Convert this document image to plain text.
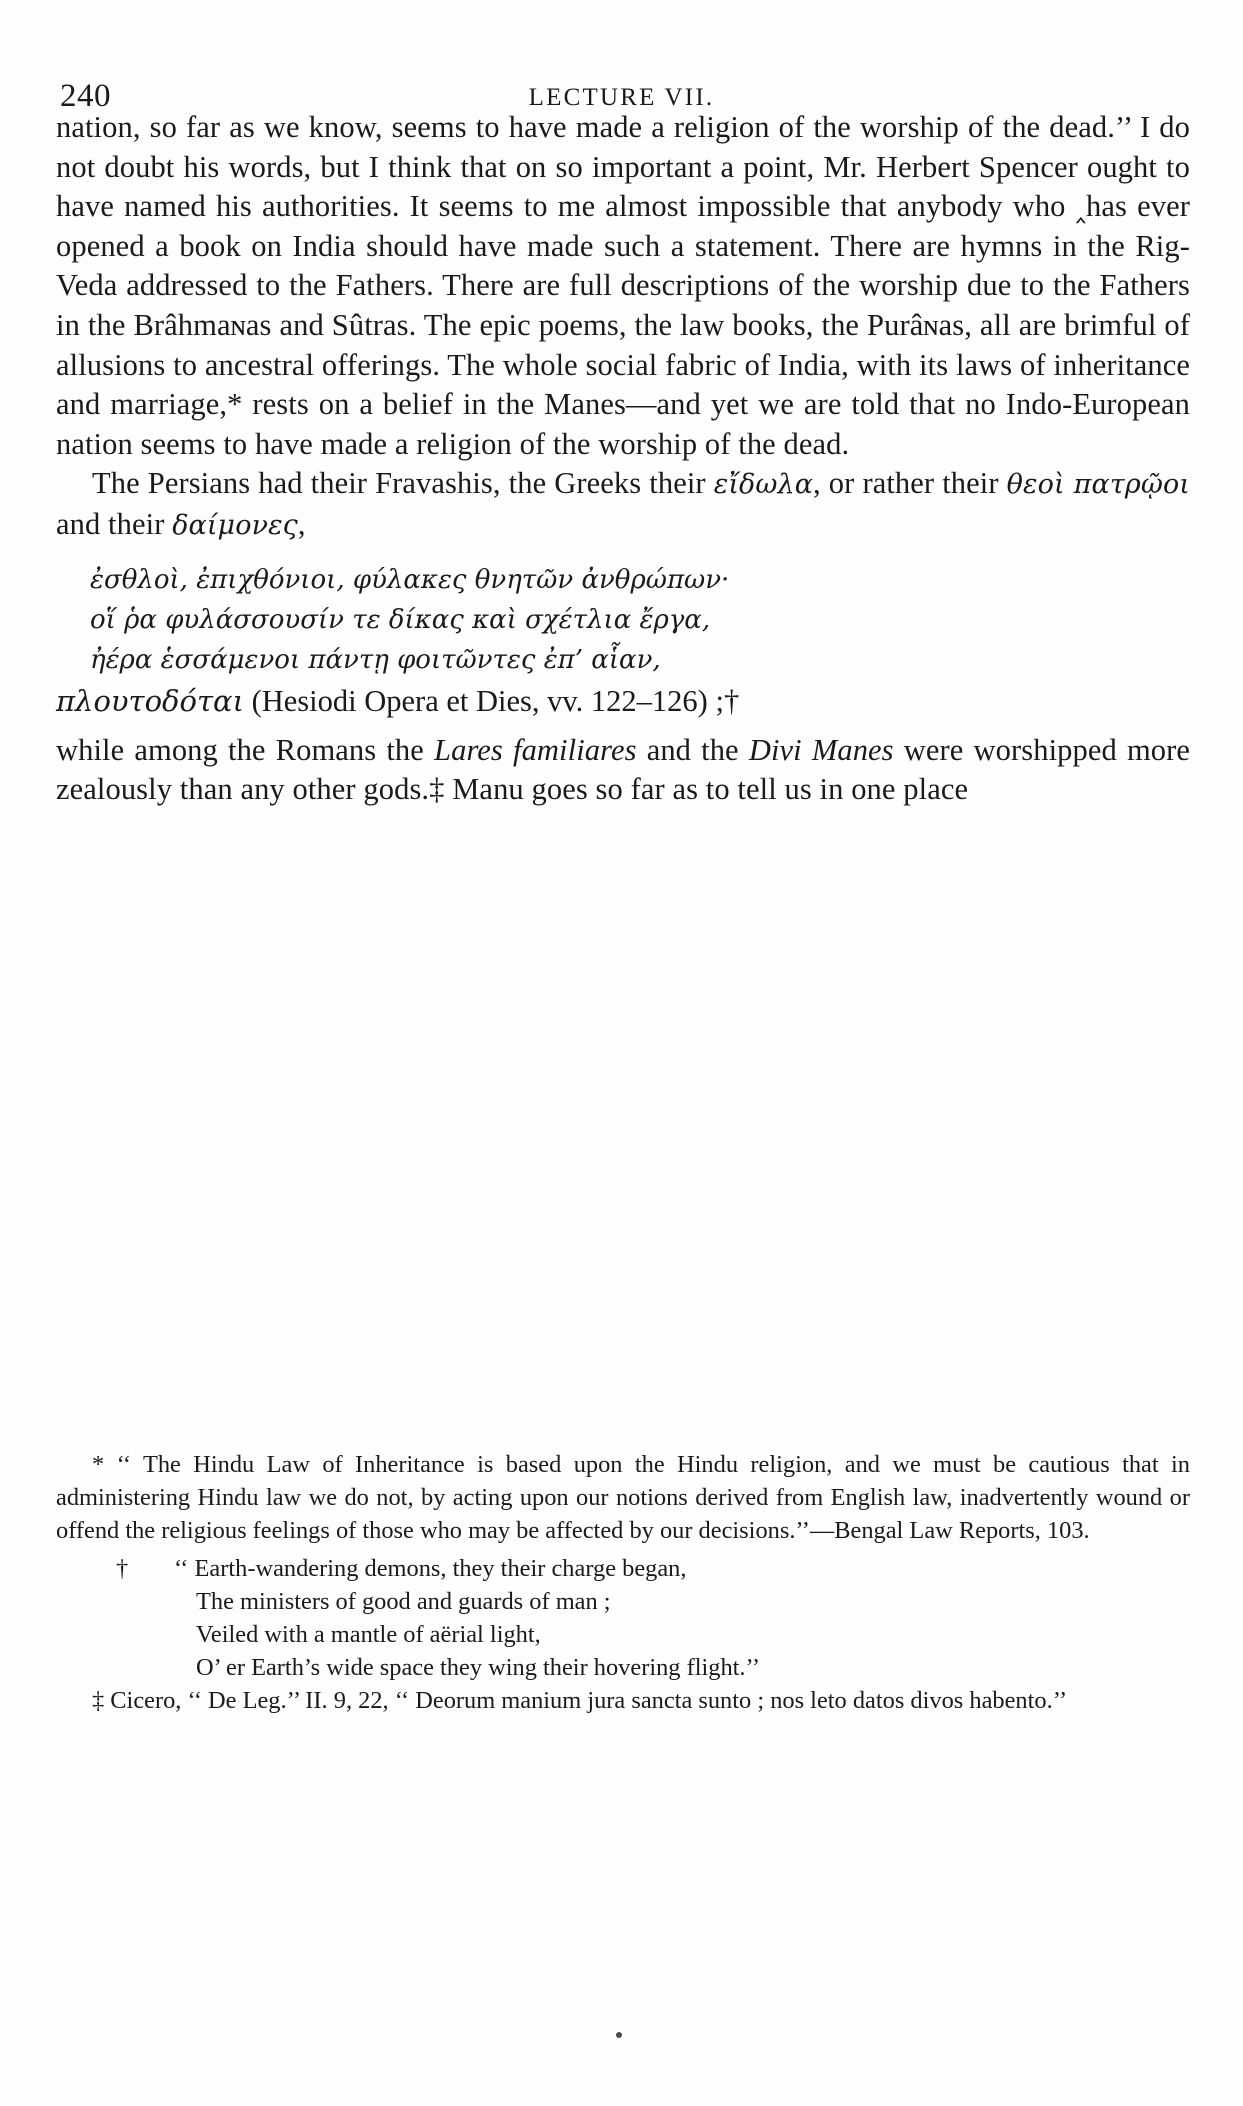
240	LECTURE VII.

nation, so far as we know, seems to have made a religion of the worship of the dead.’’ I do not doubt his words, but I think that on so important a point, Mr. Herbert Spencer ought to have named his authorities. It seems to me almost impossible that anybody who ‸has ever opened a book on India should have made such a statement. There are hymns in the Rig-Veda addressed to the Fathers. There are full descriptions of the worship due to the Fathers in the Brâhmaɴas and Sûtras. The epic poems, the law books, the Purâɴas, all are brimful of allusions to ancestral offerings. The whole social fabric of India, with its laws of inheritance and marriage,* rests on a belief in the Manes—and yet we are told that no Indo-European nation seems to have made a religion of the worship of the dead.

The Persians had their Fravashis, the Greeks their εἴδωλα, or rather their θεοὶ πατρῷοι and their δαίμονες,

ἐσθλοὶ, ἐπιχθόνιοι, φύλακες θνητῶν ἀνθρώπων·
οἵ ῥα φυλάσσουσίν τε δίκας καὶ σχέτλια ἔργα,
ἠέρα ἑσσάμενοι πάντῃ φοιτῶντες ἐπ’ αἷαν,

πλουτοδόται (Hesiodi Opera et Dies, vv. 122–126) ;†

while among the Romans the Lares familiares and the Divi Manes were worshipped more zealously than any other gods.‡ Manu goes so far as to tell us in one place

* ‘‘ The Hindu Law of Inheritance is based upon the Hindu religion, and we must be cautious that in administering Hindu law we do not, by acting upon our notions derived from English law, inadvertently wound or offend the religious feelings of those who may be affected by our decisions.’’—Bengal Law Reports, 103.

† ‘‘ Earth-wandering demons, they their charge began,

The ministers of good and guards of man ;

Veiled with a mantle of aërial light,

O’ er Earth’s wide space they wing their hovering flight.’’

‡ Cicero, ‘‘ De Leg.’’ II. 9, 22, ‘‘ Deorum manium jura sancta sunto ; nos leto datos divos habento.’’
